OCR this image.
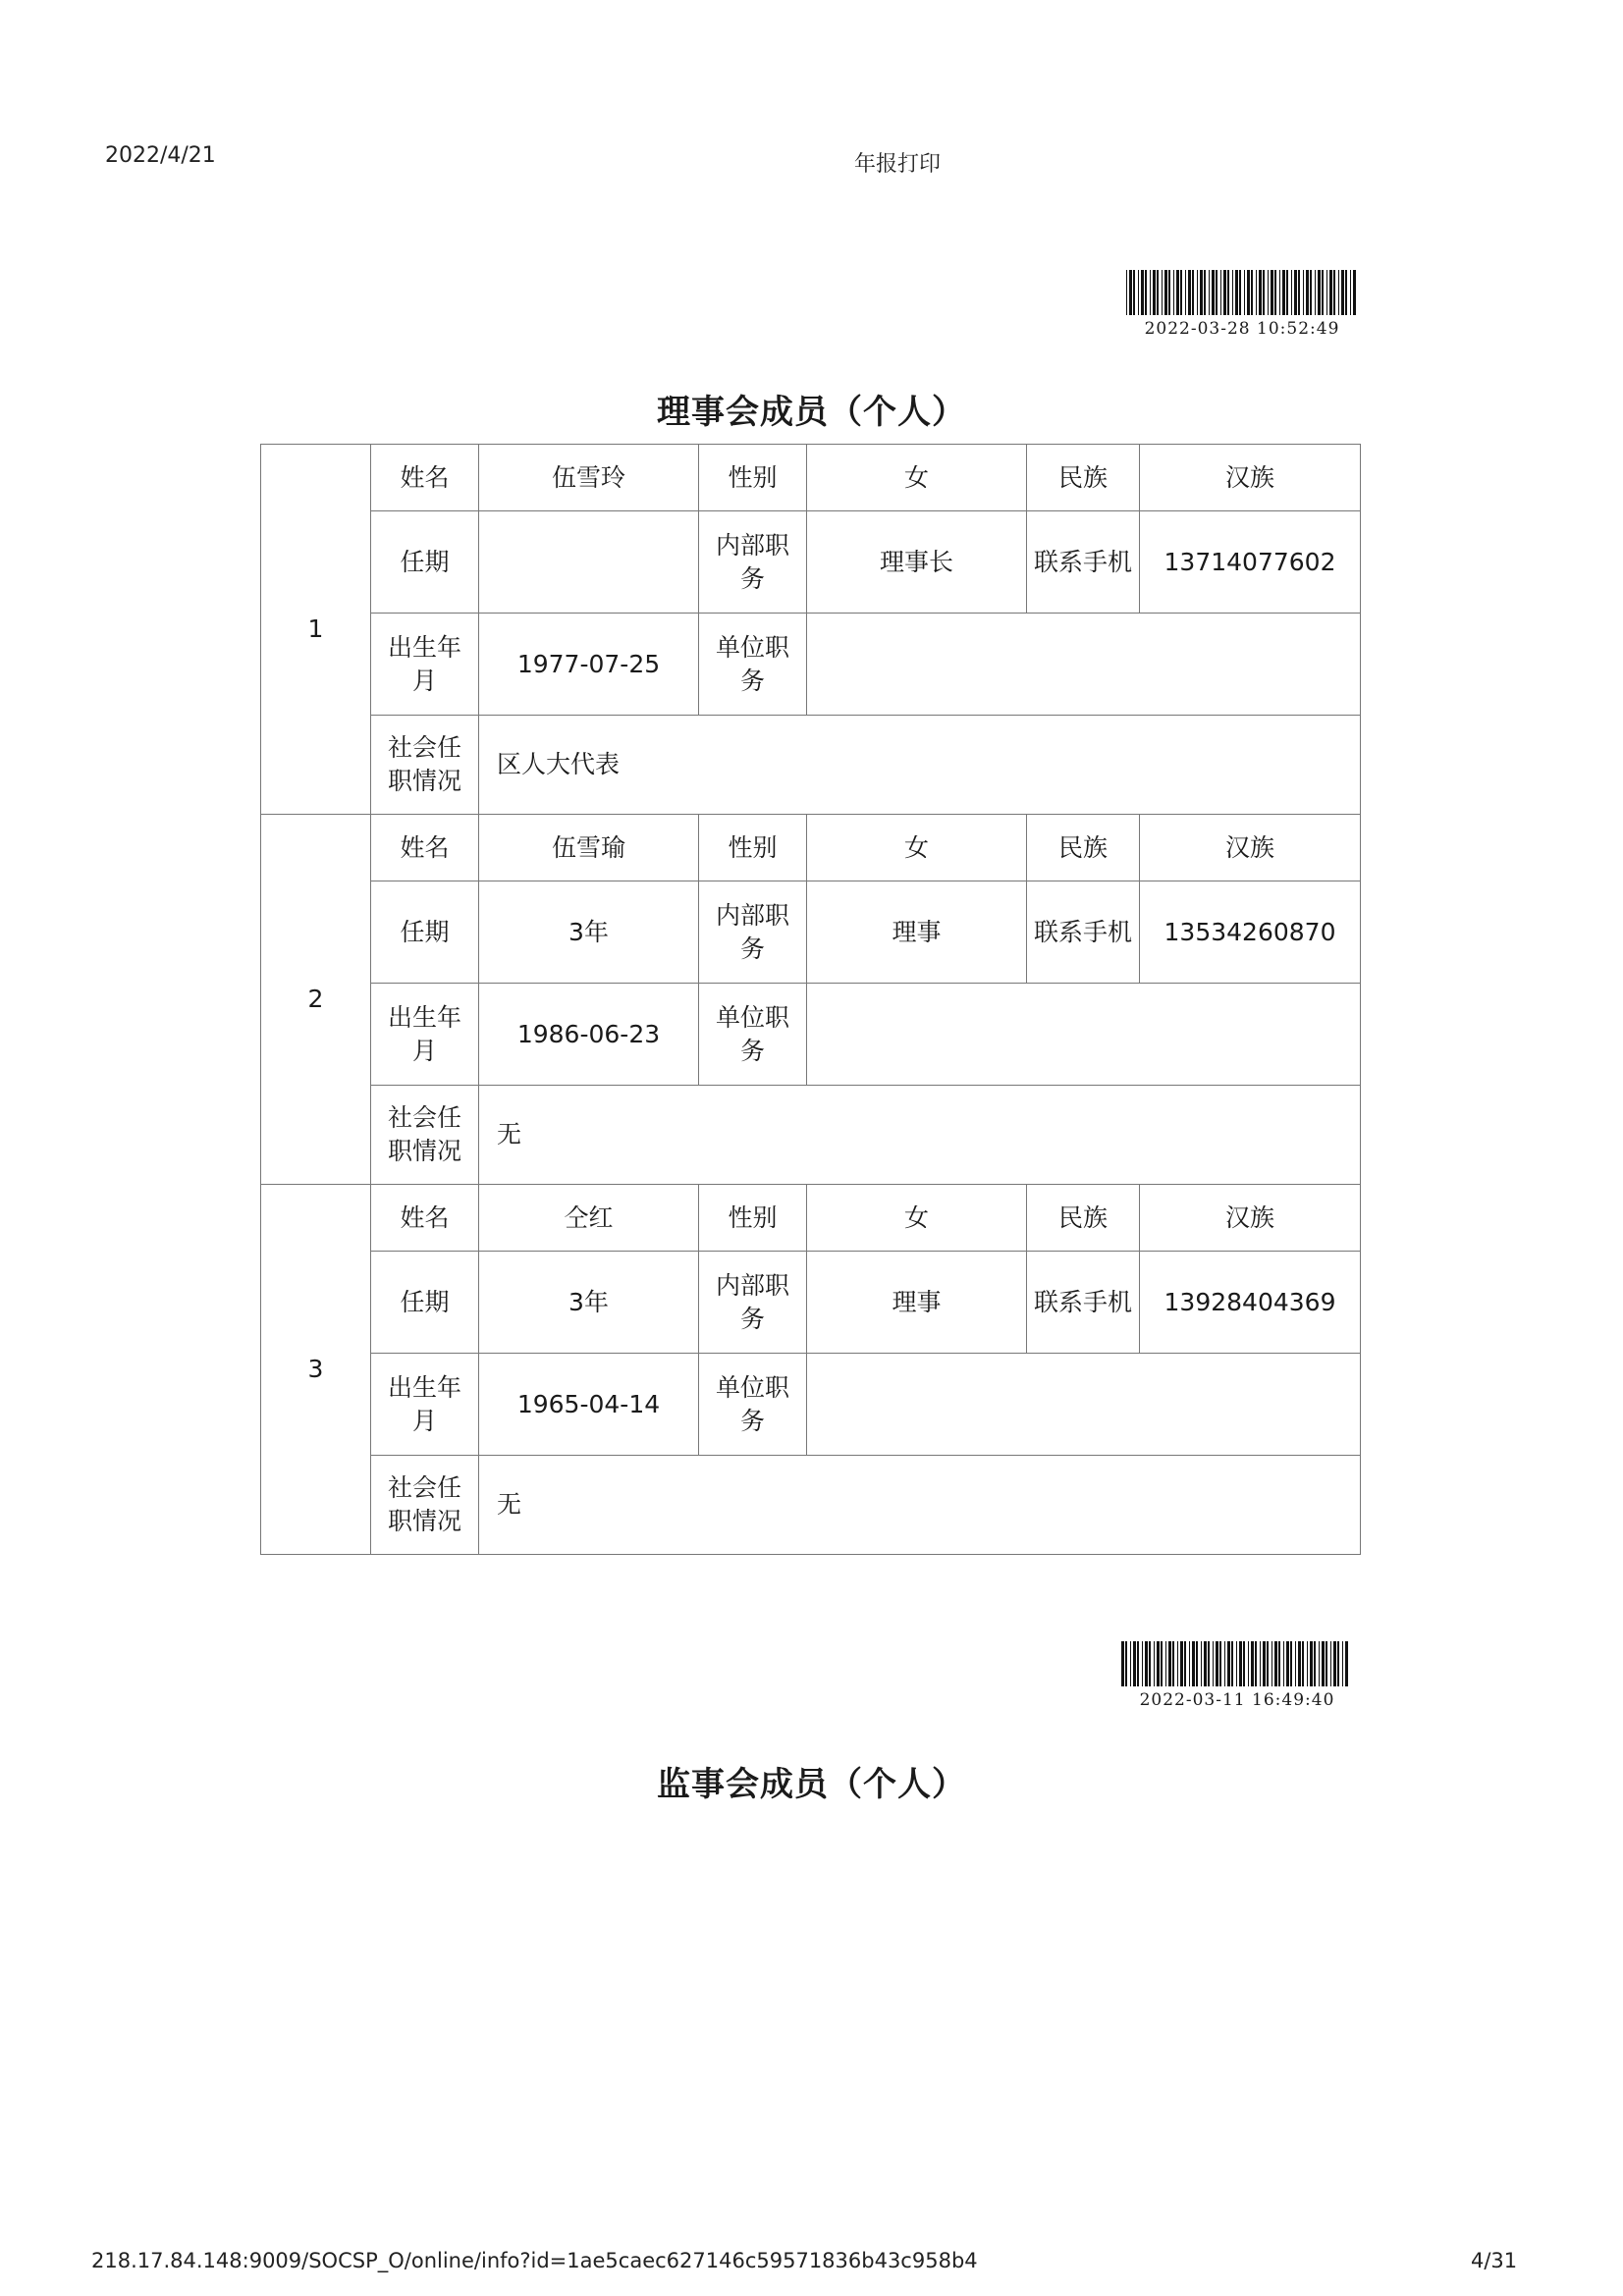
2022/4/21	年报打印
2022-03-28 10:52:49
理事会成员（个人）
1	姓名	伍雪玲	性别	女	民族	汉族
	任期		内部职务	理事长	联系手机	13714077602
	出生年月	1977-07-25	单位职务			
	社会任职情况	区人大代表				
2	姓名	伍雪瑜	性别	女	民族	汉族
	任期	3年	内部职务	理事	联系手机	13534260870
	出生年月	1986-06-23	单位职务			
	社会任职情况	无				
3	姓名	仝红	性别	女	民族	汉族
	任期	3年	内部职务	理事	联系手机	13928404369
	出生年月	1965-04-14	单位职务			
	社会任职情况	无				
2022-03-11 16:49:40
监事会成员（个人）
218.17.84.148:9009/SOCSP_O/online/info?id=1ae5caec627146c59571836b43c958b4	4/31
